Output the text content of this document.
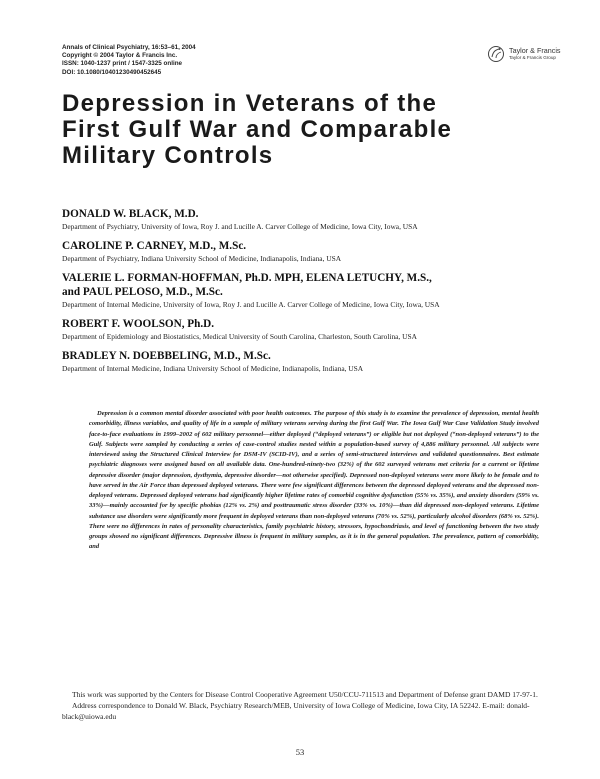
Annals of Clinical Psychiatry, 16:53–61, 2004
Copyright © 2004 Taylor & Francis Inc.
ISSN: 1040-1237 print / 1547-3325 online
DOI: 10.1080/10401230490452645
Taylor & Francis
Taylor & Francis Group
Depression in Veterans of the
First Gulf War and Comparable
Military Controls
DONALD W. BLACK, M.D.
Department of Psychiatry, University of Iowa, Roy J. and Lucille A. Carver College of Medicine, Iowa City, Iowa, USA
CAROLINE P. CARNEY, M.D., M.Sc.
Department of Psychiatry, Indiana University School of Medicine, Indianapolis, Indiana, USA
VALERIE L. FORMAN-HOFFMAN, Ph.D. MPH, ELENA LETUCHY, M.S.,
and PAUL PELOSO, M.D., M.Sc.
Department of Internal Medicine, University of Iowa, Roy J. and Lucille A. Carver College of Medicine, Iowa City, Iowa, USA
ROBERT F. WOOLSON, Ph.D.
Department of Epidemiology and Biostatistics, Medical University of South Carolina, Charleston, South Carolina, USA
BRADLEY N. DOEBBELING, M.D., M.Sc.
Department of Internal Medicine, Indiana University School of Medicine, Indianapolis, Indiana, USA

Depression is a common mental disorder associated with poor health outcomes. The purpose of this study is to examine the prevalence of depression, mental health comorbidity, illness variables, and quality of life in a sample of military veterans serving during the first Gulf War. The Iowa Gulf War Case Validation Study involved face-to-face evaluations in 1999–2002 of 602 military personnel—either deployed (“deployed veterans”) or eligible but not deployed (“non-deployed veterans”) to the Gulf. Subjects were sampled by conducting a series of case-control studies nested within a population-based survey of 4,886 military personnel. All subjects were interviewed using the Structured Clinical Interview for DSM-IV (SCID-IV), and a series of semi-structured interviews and validated questionnaires. Best estimate psychiatric diagnoses were assigned based on all available data. One-hundred-ninety-two (32%) of the 602 surveyed veterans met criteria for a current or lifetime depressive disorder (major depression, dysthymia, depressive disorder—not otherwise specified). Depressed non-deployed veterans were more likely to be female and to have served in the Air Force than depressed deployed veterans. There were few significant differences between the depressed deployed veterans and the depressed non-deployed veterans. Depressed deployed veterans had significantly higher lifetime rates of comorbid cognitive dysfunction (55% vs. 35%), and anxiety disorders (59% vs. 33%)—mainly accounted for by specific phobias (12% vs. 2%) and posttraumatic stress disorder (33% vs. 10%)—than did depressed non-deployed veterans. Lifetime substance use disorders were significantly more frequent in deployed veterans than non-deployed veterans (70% vs. 52%), particularly alcohol disorders (68% vs. 52%). There were no differences in rates of personality characteristics, family psychiatric history, stressors, hypochondriasis, and level of functioning between the two study groups showed no significant differences. Depressive illness is frequent in military samples, as it is in the general population. The prevalence, pattern of comorbidity, and

This work was supported by the Centers for Disease Control Cooperative Agreement U50/CCU-711513 and Department of Defense grant DAMD 17-97-1.

Address correspondence to Donald W. Black, Psychiatry Research/MEB, University of Iowa College of Medicine, Iowa City, IA 52242. E-mail: donald-black@uiowa.edu

53
